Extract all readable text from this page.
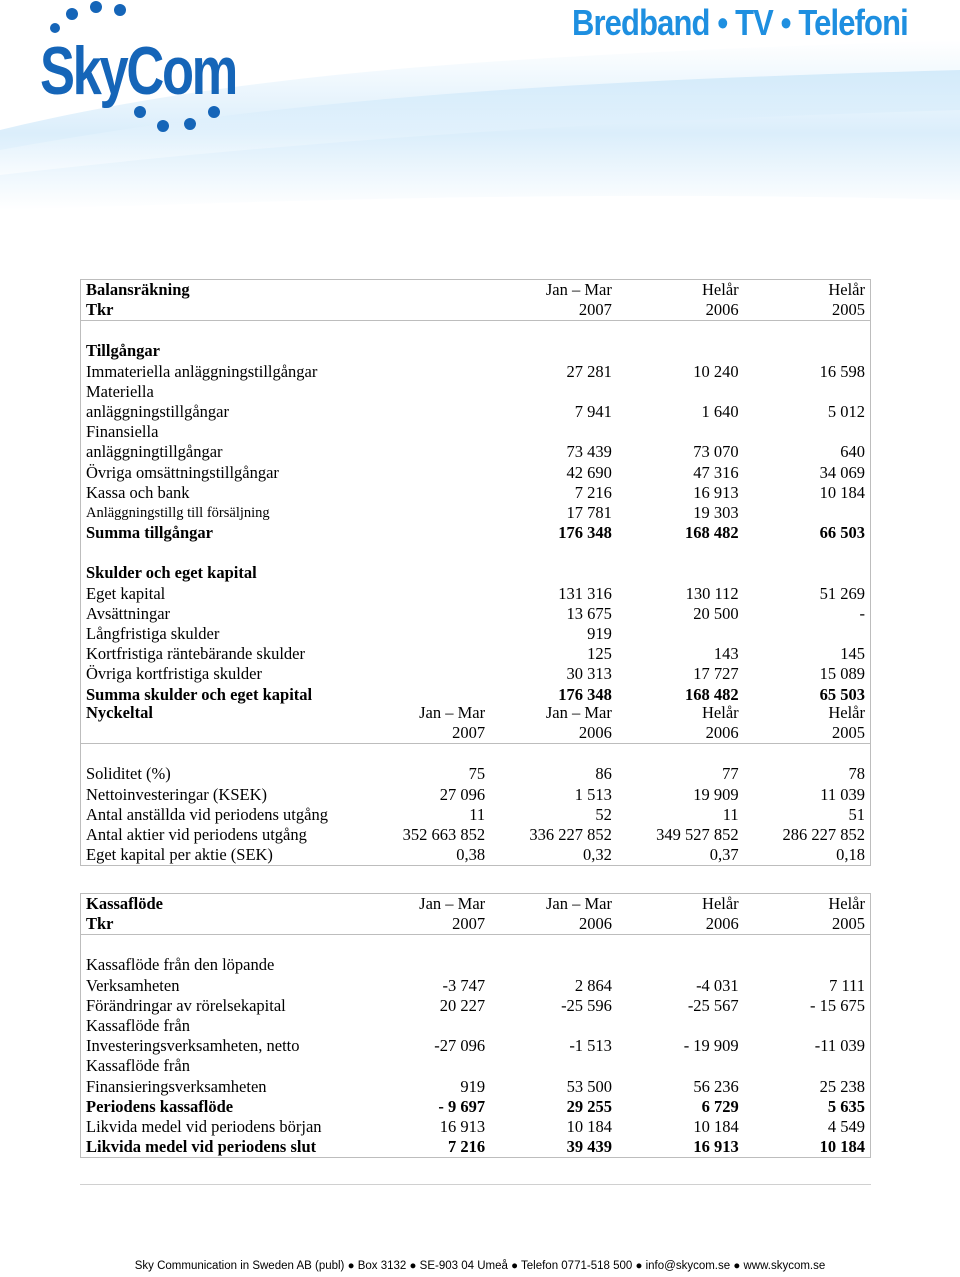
SkyCom
Bredband • TV • Telefoni
Balansräkning	Jan – Mar	Helår	Helår
Tkr	2007	2006	2005

Tillgångar			
Immateriella anläggningstillgångar	27 281	10 240	16 598
Materiella			
anläggningstillgångar	7 941	1 640	5 012
Finansiella			
anläggningtillgångar	73 439	73 070	640
Övriga omsättningstillgångar	42 690	47 316	34 069
Kassa och bank	7 216	16 913	10 184
Anläggningstillg till försäljning	17 781	19 303	
Summa tillgångar	176 348	168 482	66 503

Skulder och eget kapital			
Eget kapital	131 316	130 112	51 269
Avsättningar	13 675	20 500	-
Långfristiga skulder	919		
Kortfristiga räntebärande skulder	125	143	145
Övriga kortfristiga skulder	30 313	17 727	15 089
Summa skulder och eget kapital	176 348	168 482	65 503
Nyckeltal	Jan – Mar	Jan – Mar	Helår	Helår
	2007	2006	2006	2005

Soliditet (%)	75	86	77	78
Nettoinvesteringar (KSEK)	27 096	1 513	19 909	11 039
Antal anställda vid periodens utgång	11	52	11	51
Antal aktier vid periodens utgång	352 663 852	336 227 852	349 527 852	286 227 852
Eget kapital per aktie (SEK)	0,38	0,32	0,37	0,18
Kassaflöde	Jan – Mar	Jan – Mar	Helår	Helår
Tkr	2007	2006	2006	2005

Kassaflöde från den löpande				
Verksamheten	-3 747	2 864	-4 031	7 111
Förändringar av rörelsekapital	20 227	-25 596	-25 567	- 15 675
Kassaflöde från				
Investeringsverksamheten, netto	-27 096	-1 513	- 19 909	-11 039
Kassaflöde från				
Finansieringsverksamheten	919	53 500	56 236	25 238
Periodens kassaflöde	- 9 697	29 255	6 729	5 635
Likvida medel vid periodens början	16 913	10 184	10 184	4 549
Likvida medel vid periodens slut	7 216	39 439	16 913	10 184
Sky Communication in Sweden AB (publ) ● Box 3132 ● SE-903 04 Umeå ● Telefon 0771-518 500 ● info@skycom.se ● www.skycom.se
